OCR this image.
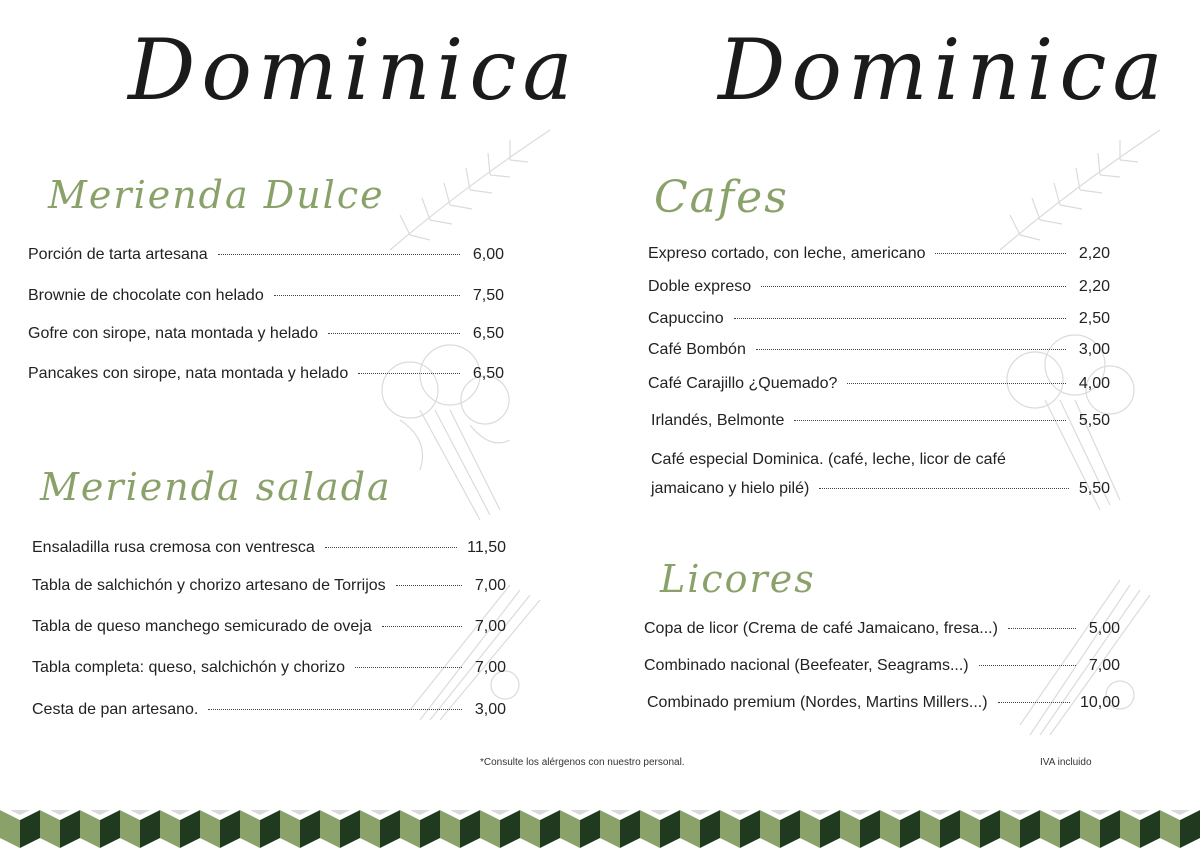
Dominica Dominica
Merienda Dulce
Porción de tarta artesana	6,00
Brownie de chocolate con helado	7,50
Gofre con sirope, nata montada y helado	6,50
Pancakes con sirope, nata montada y helado	6,50
Merienda salada
Ensaladilla rusa cremosa con ventresca	11,50
Tabla de salchichón y chorizo artesano de Torrijos	7,00
Tabla de queso manchego semicurado de oveja	7,00
Tabla completa: queso, salchichón y chorizo	7,00
Cesta de pan artesano.	3,00
Cafes
Expreso cortado, con leche, americano	2,20
Doble expreso	2,20
Capuccino	2,50
Café Bombón	3,00
Café Carajillo ¿Quemado?	4,00
Irlandés, Belmonte	5,50
Café especial Dominica. (café, leche, licor de café
jamaicano y hielo pilé)	5,50
Licores
Copa de licor (Crema de café Jamaicano, fresa...)	5,00
Combinado nacional (Beefeater, Seagrams...)	7,00
Combinado premium (Nordes, Martins Millers...)	10,00
*Consulte los alérgenos con nuestro personal.	IVA incluido
